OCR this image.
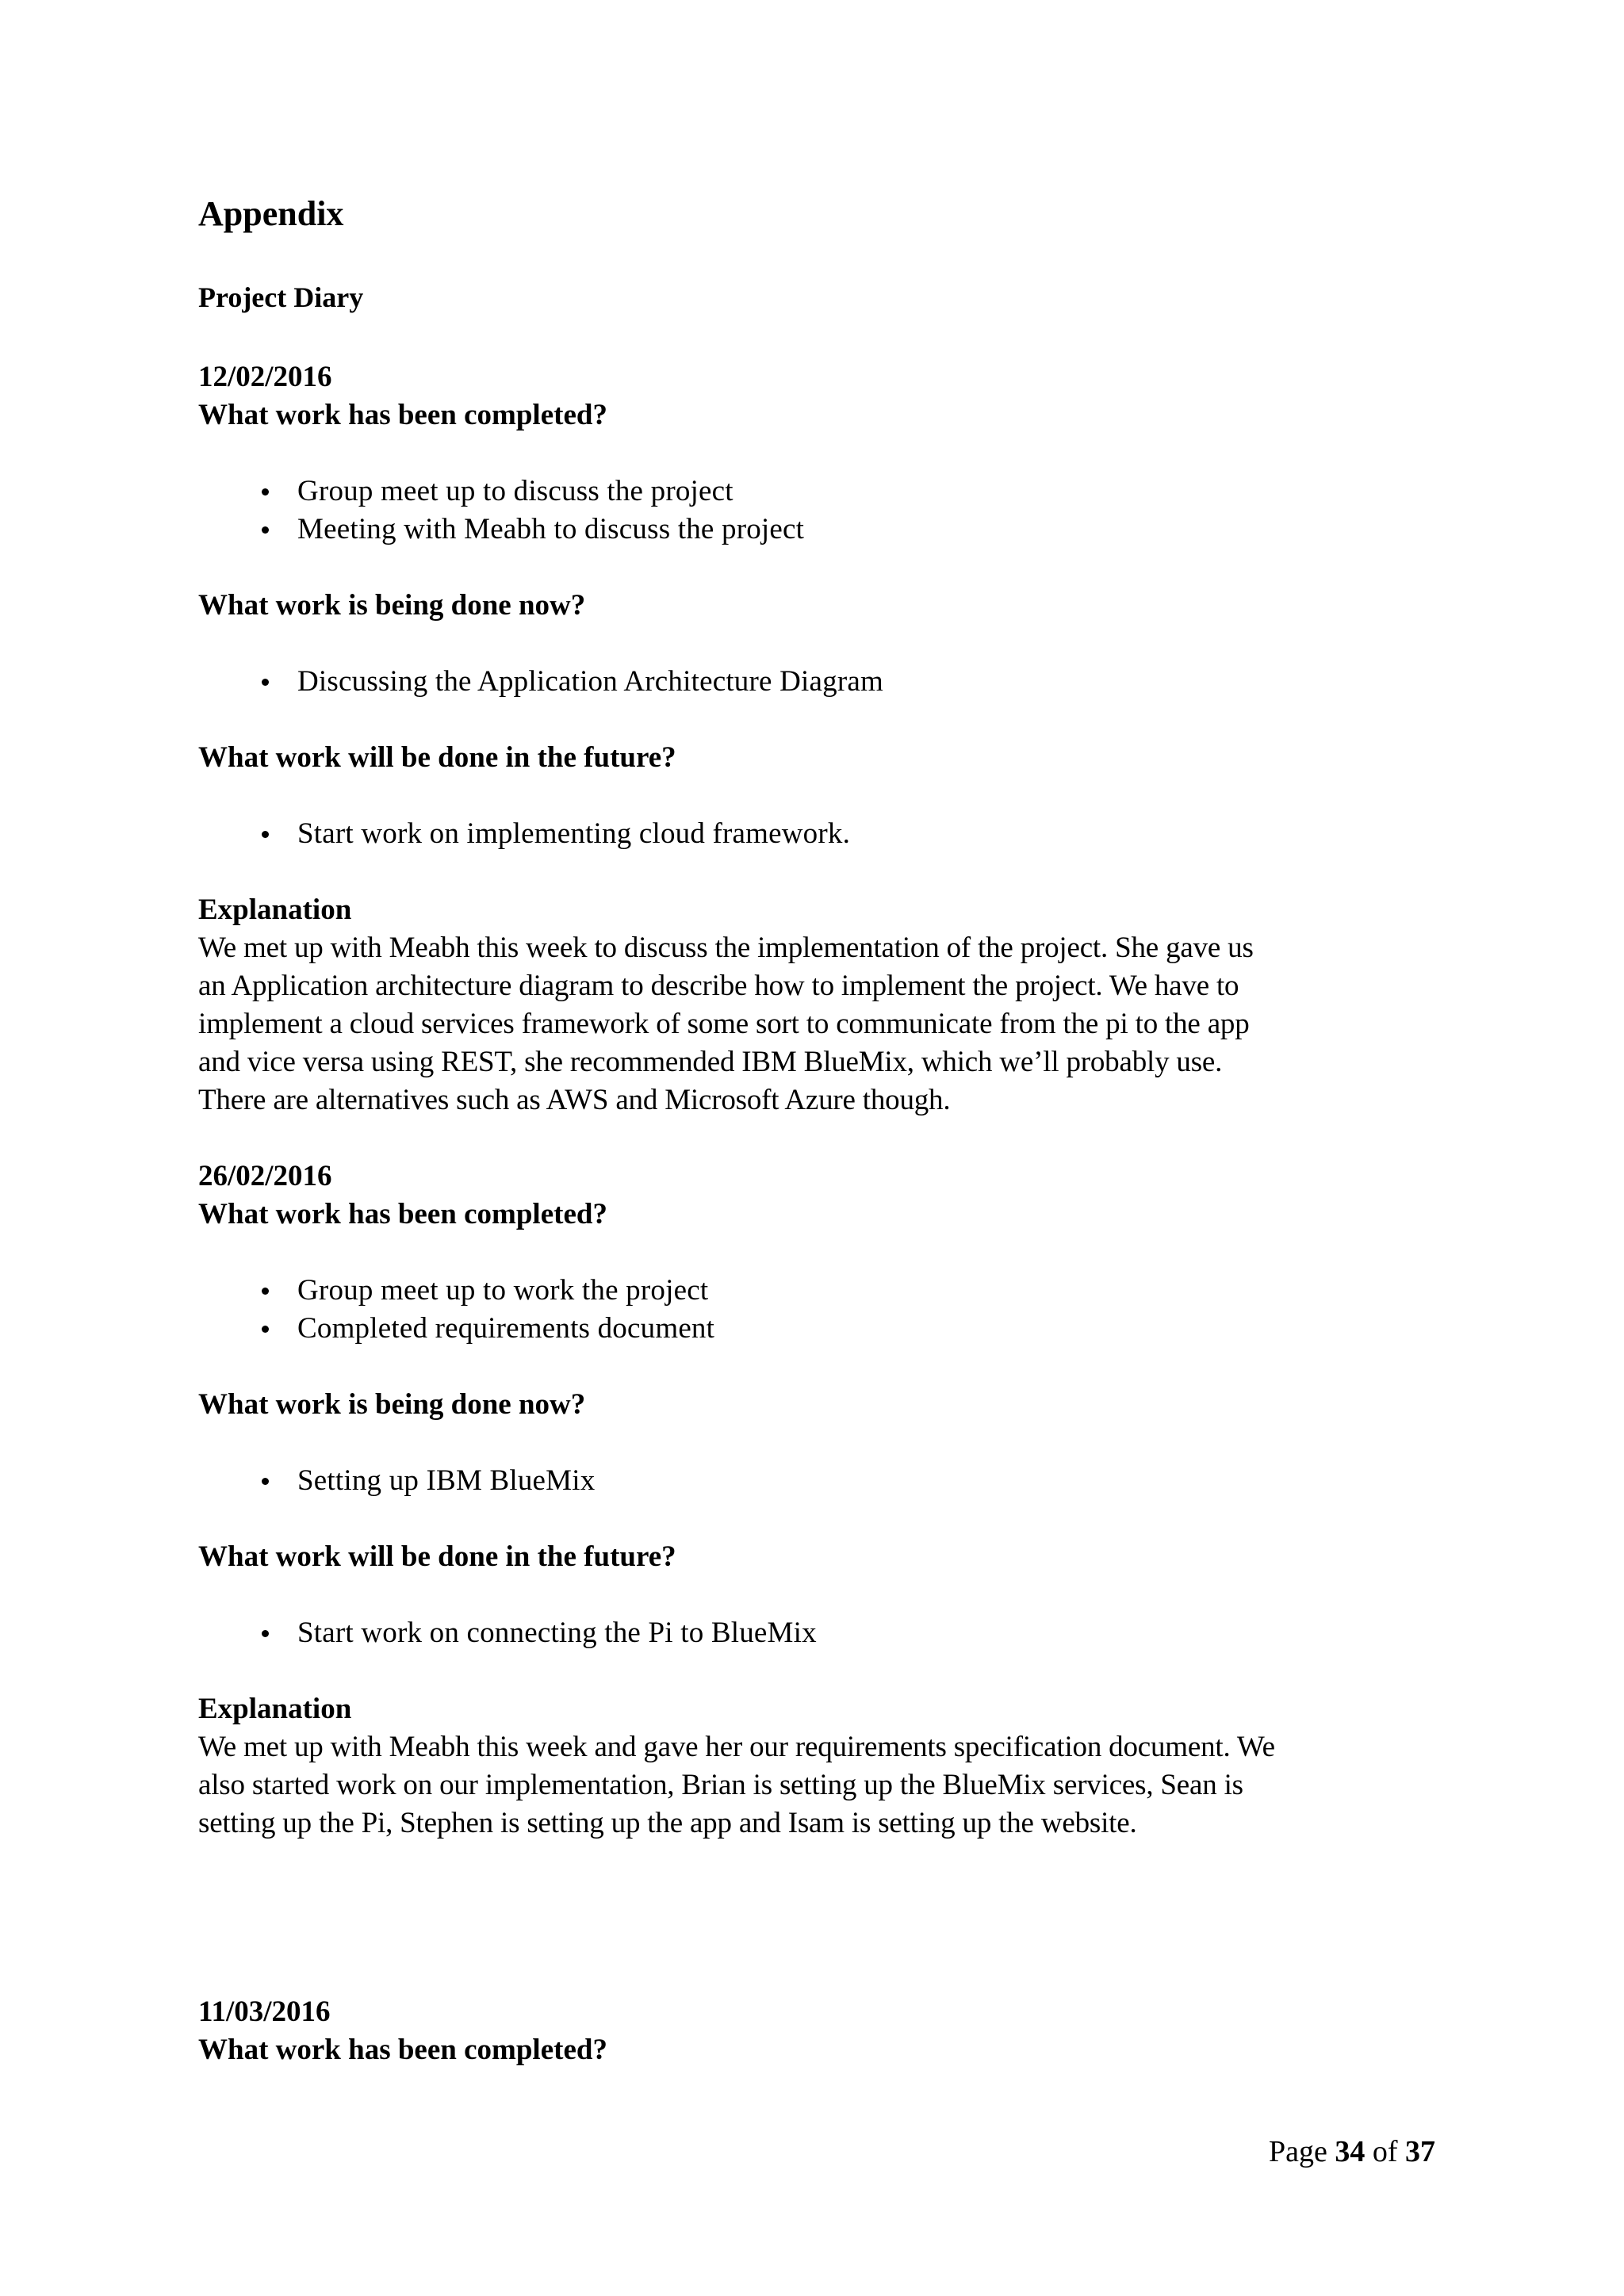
Appendix
Project Diary

12/02/2016

What work has been completed?

Group meet up to discuss the project
Meeting with Meabh to discuss the project

What work is being done now?

Discussing the Application Architecture Diagram

What work will be done in the future?

Start work on implementing cloud framework.

Explanation

We met up with Meabh this week to discuss the implementation of the project. She gave us
an Application architecture diagram to describe how to implement the project. We have to
implement a cloud services framework of some sort to communicate from the pi to the app
and vice versa using REST, she recommended IBM BlueMix, which we’ll probably use.
There are alternatives such as AWS and Microsoft Azure though.

26/02/2016

What work has been completed?

Group meet up to work the project
Completed requirements document

What work is being done now?

Setting up IBM BlueMix

What work will be done in the future?

Start work on connecting the Pi to BlueMix

Explanation

We met up with Meabh this week and gave her our requirements specification document. We
also started work on our implementation, Brian is setting up the BlueMix services, Sean is
setting up the Pi, Stephen is setting up the app and Isam is setting up the website.

11/03/2016

What work has been completed?

Page 34 of 37
